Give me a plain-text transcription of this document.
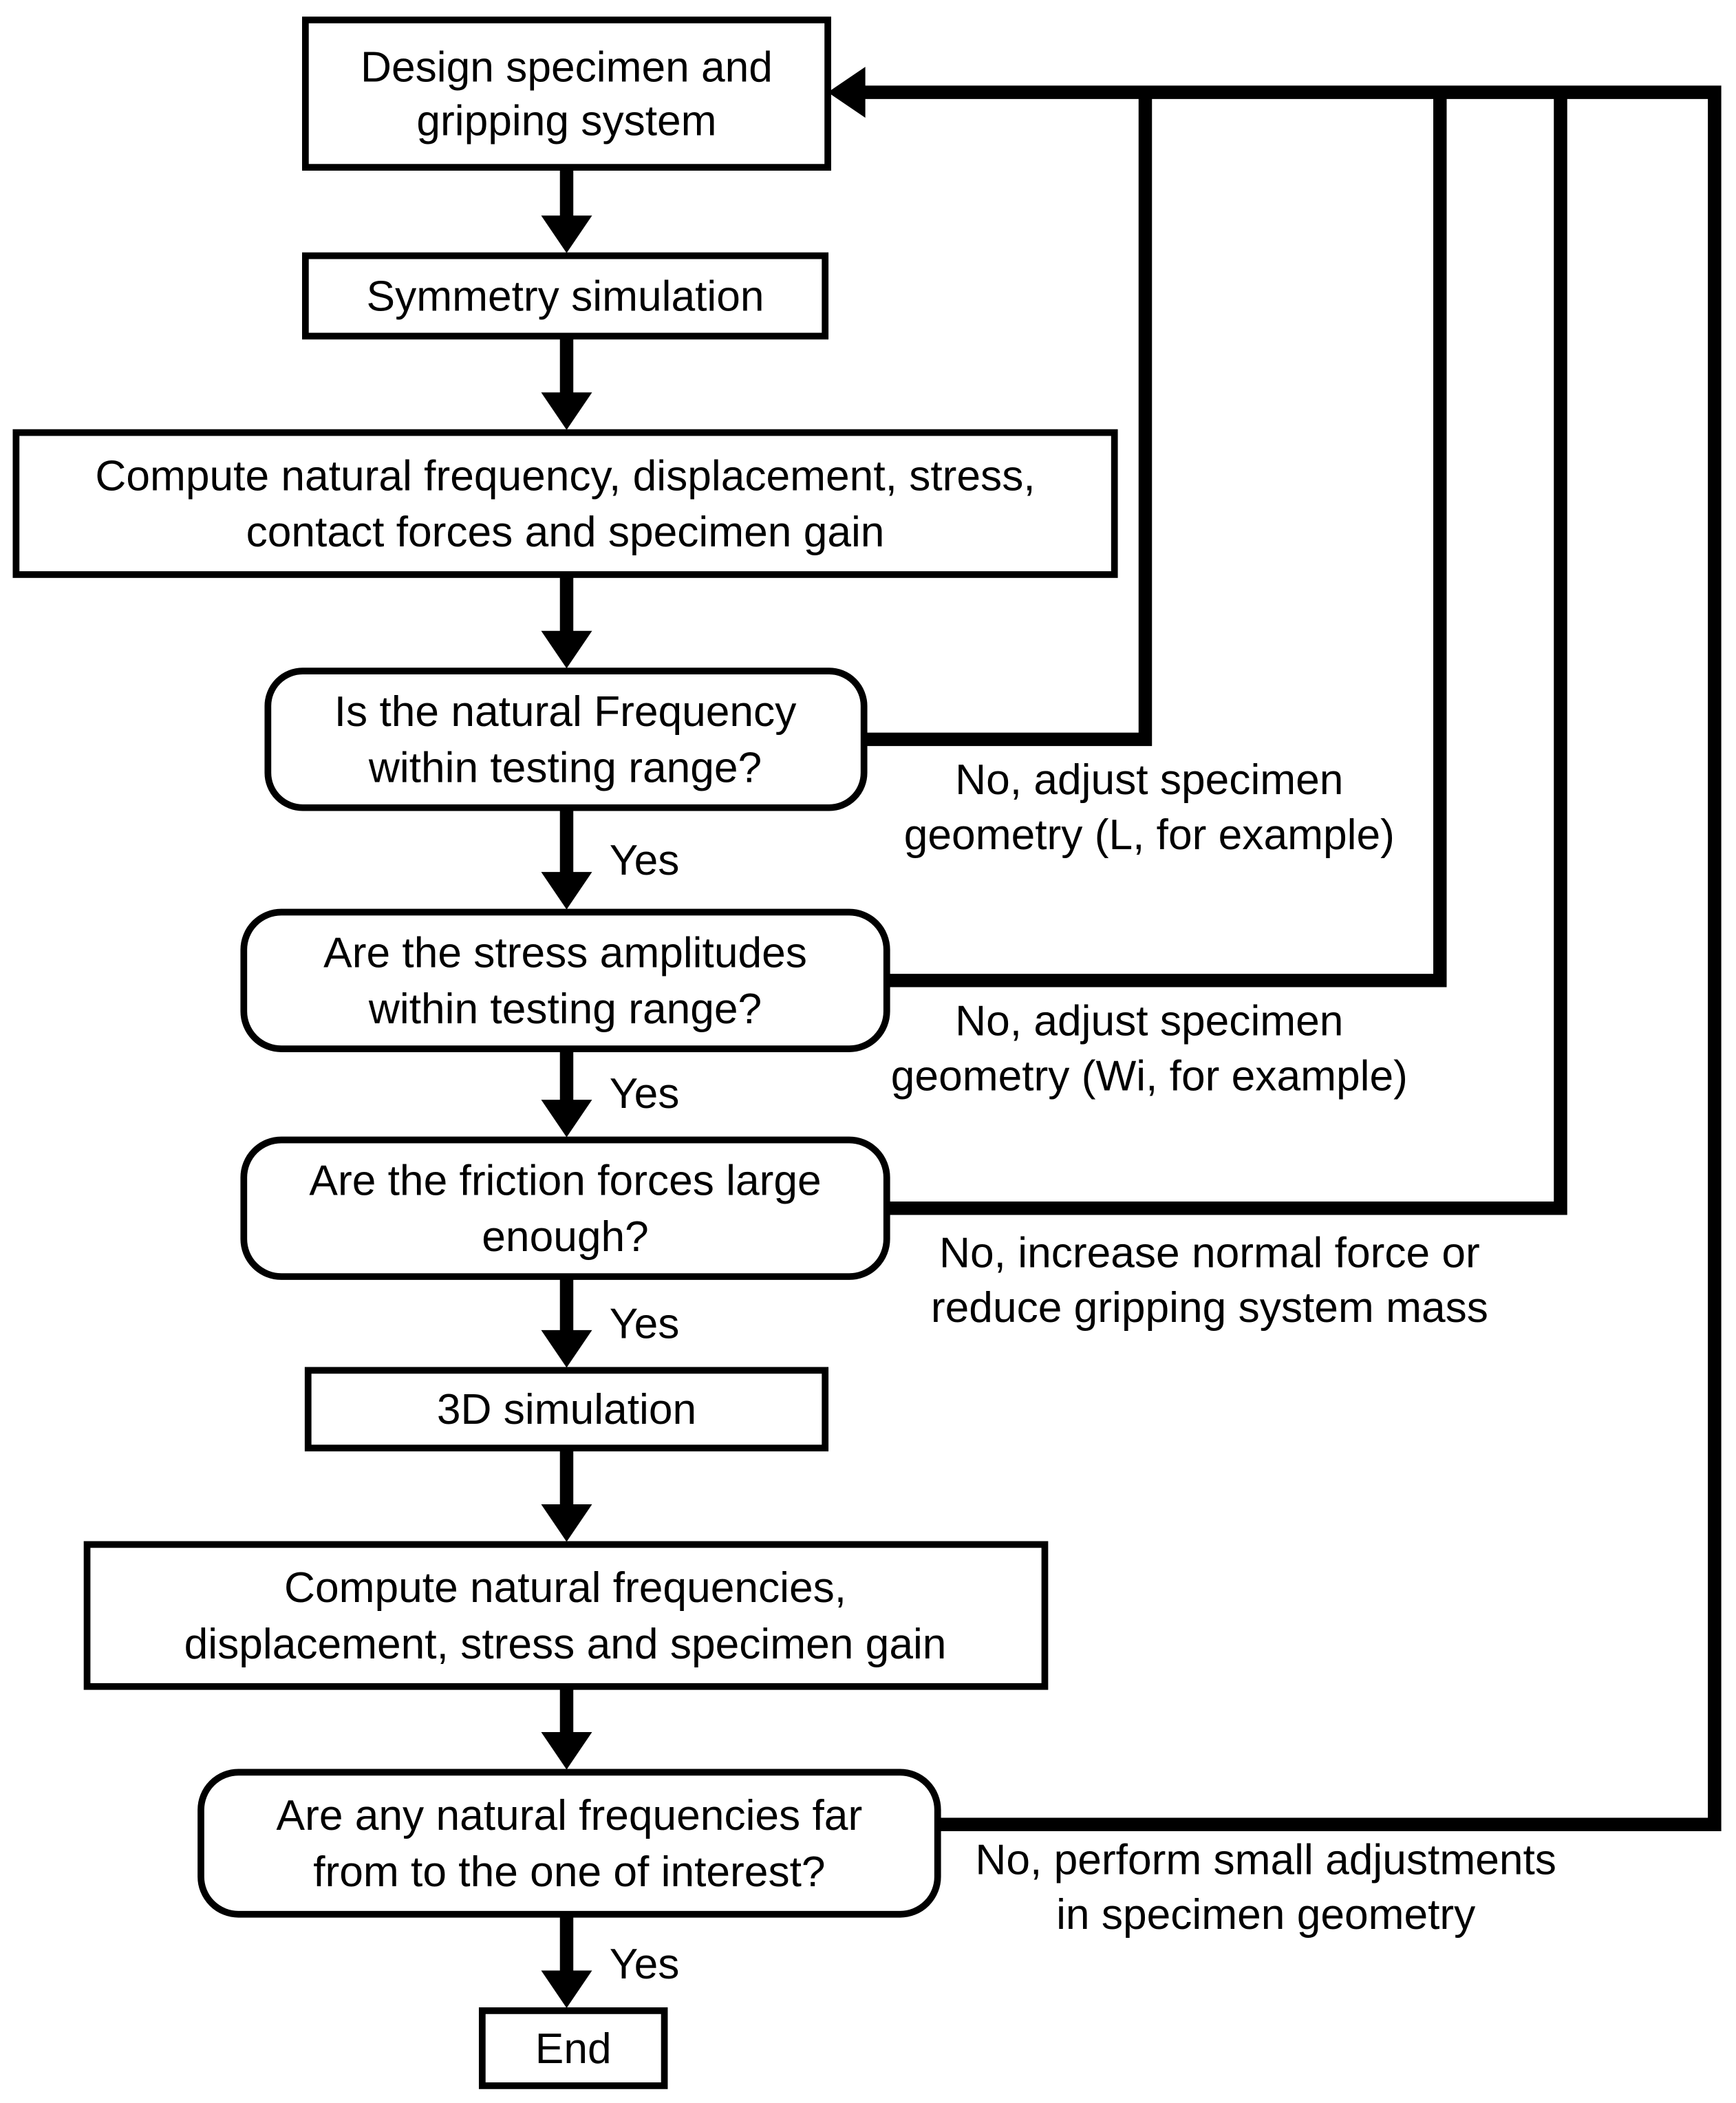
Design specimen and
gripping system
Symmetry simulation
Compute natural frequency, displacement, stress,
contact forces and specimen gain
Is the natural Frequency
within testing range?
Are the stress amplitudes
within testing range?
Are the friction forces large
enough?
3D simulation
Compute natural frequencies,
displacement, stress and specimen gain
Are any natural frequencies far
from to the one of interest?
End
Yes
Yes
Yes
Yes
No, adjust specimen
geometry (L, for example)
No, adjust specimen
geometry (Wi, for example)
No, increase normal force or
reduce gripping system mass
No, perform small adjustments
in specimen geometry
